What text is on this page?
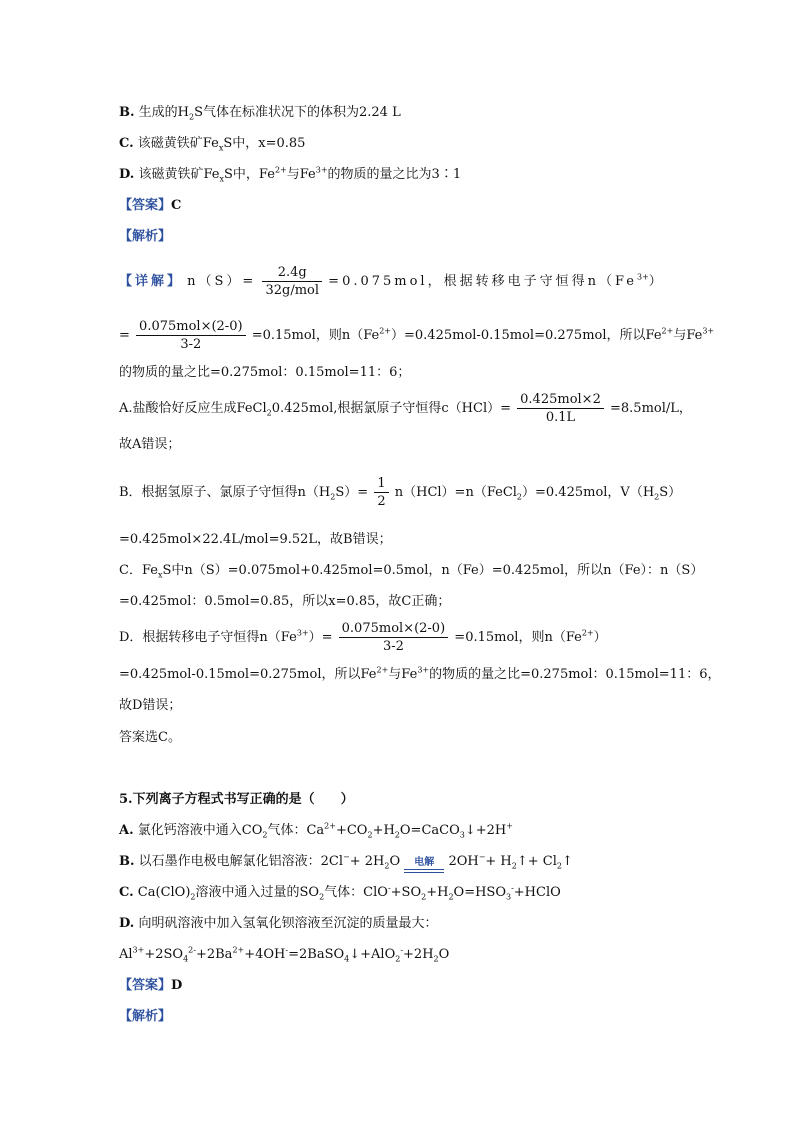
B. 生成的$H_2S$气体在标准状况下的体积为2.24 L
C. 该磁黄铁矿$Fe_xS$中，x=0.85
D. 该磁黄铁矿$Fe_xS$中，$Fe^{2+}$与$Fe^{3+}$的物质的量之比为3∶1
【答案】C
【解析】
【详解】 $n(S)= \frac{2.4g}{\text{32g/mol}} =0.075mol$，根据转移电子守恒得$n(Fe^{3+})$
= $\frac{\text{0.075mol×(2-0)}}{3-2} =0.15mol$，则$n(Fe^{2+})=0.425mol-0.15mol=0.275mol$，所以$Fe^{2+}$与$Fe^{3+}$
的物质的量之比=0.275mol：0.15mol=11：6；
A.盐酸恰好反应生成FeCl$_2$0.425mol,根据氯原子守恒得$c(HCl)= \frac{\text{0.425mol×2}}{0.1L} =8.5mol/L$，
故A错误；
B．根据氢原子、氯原子守恒得$n(H_2S)= \frac{1}{2}$ n（HCl）=n（FeCl$_2$）=0.425mol，$V(H_2S)$
=0.425mol×22.4L/mol=9.52L，故B错误；
C．$Fe_xS$中n（S）=0.075mol+0.425mol=0.5mol，n（Fe）=0.425mol，所以n（Fe）：n（S）
=0.425mol：0.5mol=0.85，所以x=0.85，故C正确；
D．根据转移电子守恒得$n(Fe^{3+})= \frac{\text{0.075mol×(2-0)}}{3-2} =0.15mol$，则$n(Fe^{2+})$
=0.425mol-0.15mol=0.275mol，所以$Fe^{2+}$与$Fe^{3+}$的物质的量之比=0.275mol：0.15mol=11：6，
故D错误；
答案选C。
5.下列离子方程式书写正确的是（　　）
A. 氯化钙溶液中通入$CO_2$气体：$Ca^{2+}+CO_2+H_2O=CaCO_3↓+2H^+$
B. 以石墨作电极电解氯化铝溶液：$2Cl^-+ 2H_2O$	电解	$2OH^-+ H_2↑+$ $Cl_2↑$
C. $Ca(ClO)_2$溶液中通入过量的$SO_2$气体：$ClO^-+SO_2+H_2O=HSO_3^-+HClO$
D. 向明矾溶液中加入氢氧化钡溶液至沉淀的质量最大：
$Al^{3+}+2SO_4^{2-}+2Ba^{2+}+4OH^-=2BaSO_4↓+AlO_2^-+2H_2O$
【答案】D
【解析】
